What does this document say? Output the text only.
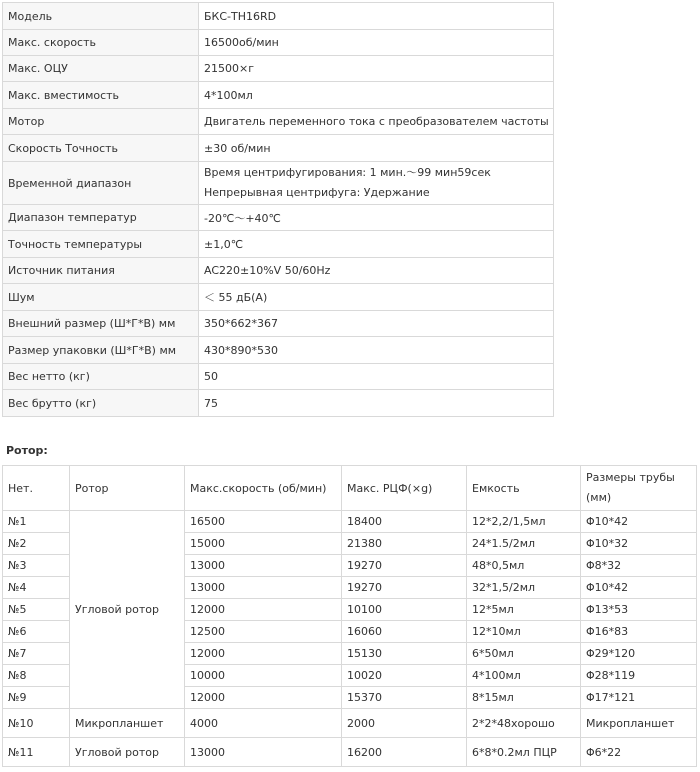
Модель	БКС-TH16RD
Макс. скорость	16500об/мин
Макс. ОЦУ	21500×г
Макс. вместимость	4*100мл
Мотор	Двигатель переменного тока с преобразователем частоты
Скорость Точность	±30 об/мин
Временной диапазон	Время центрифугирования: 1 мин.～99 мин59сек
Непрерывная центрифуга: Удержание

Диапазон температур	-20℃～+40℃
Точность температуры	±1,0℃
Источник питания	AC220±10%V 50/60Hz
Шум	＜ 55 дБ(A)
Внешний размер (Ш*Г*В) мм	350*662*367
Размер упаковки (Ш*Г*В) мм	430*890*530
Вес нетто (кг)	50
Вес брутто (кг)	75
Ротор:
Нет.	Ротор	Макс.скорость (об/мин)	Макс. РЦФ(×g)	Емкость	Размеры трубы (мм)
№1	Угловой ротор	16500	18400	12*2,2/1,5мл	Φ10*42
№2		15000	21380	24*1.5/2мл	Φ10*32
№3		13000	19270	48*0,5мл	Φ8*32
№4		13000	19270	32*1,5/2мл	Φ10*42
№5		12000	10100	12*5мл	Φ13*53
№6		12500	16060	12*10мл	Φ16*83
№7		12000	15130	6*50мл	Φ29*120
№8		10000	10020	4*100мл	Φ28*119
№9		12000	15370	8*15мл	Φ17*121
№10	Микропланшет	4000	2000	2*2*48хорошо	Микропланшет
№11	Угловой ротор	13000	16200	6*8*0.2мл ПЦР	Φ6*22
